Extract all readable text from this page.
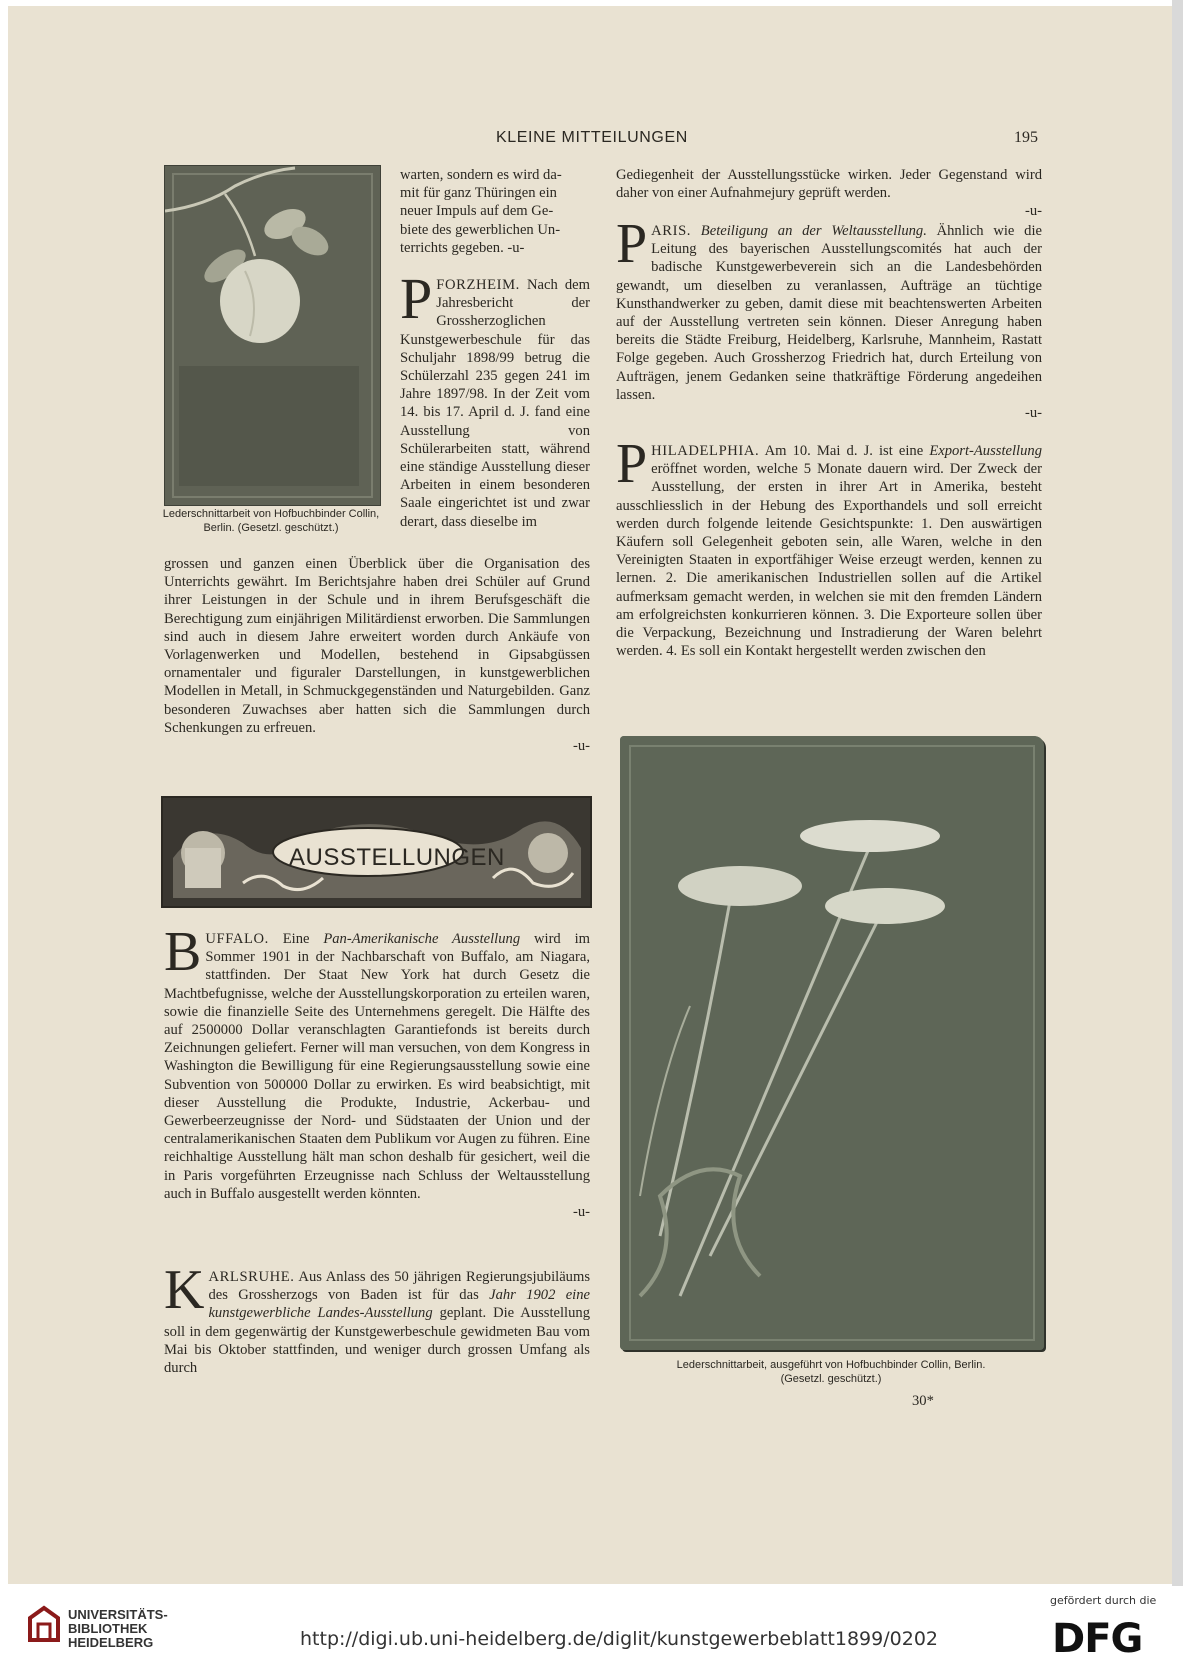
KLEINE MITTEILUNGEN	195
Lederschnittarbeit von Hofbuchbinder Collin, Berlin. (Gesetzl. geschützt.)
warten, sondern es wird da-
mit für ganz Thüringen ein
neuer Impuls auf dem Ge-
biete des gewerblichen Un-
terrichts gegeben. -u-
P FORZHEIM. Nach dem Jahresbericht der Grossherzoglichen Kunstgewerbeschule für das Schuljahr 1898/99 betrug die Schülerzahl 235 gegen 241 im Jahre 1897/98. In der Zeit vom 14. bis 17. April d. J. fand eine Ausstellung von Schülerarbeiten statt, während eine ständige Ausstellung dieser Arbeiten in einem besonderen Saale eingerichtet ist und zwar derart, dass dieselbe im
grossen und ganzen einen Überblick über die Organisation des Unterrichts gewährt. Im Berichtsjahre haben drei Schüler auf Grund ihrer Leistungen in der Schule und in ihrem Berufsgeschäft die Berechtigung zum einjährigen Militärdienst erworben. Die Sammlungen sind auch in diesem Jahre erweitert worden durch Ankäufe von Vorlagenwerken und Modellen, bestehend in Gipsabgüssen ornamentaler und figuraler Darstellungen, in kunstgewerblichen Modellen in Metall, in Schmuckgegenständen und Naturgebilden. Ganz besonderen Zuwachses aber hatten sich die Sammlungen durch Schenkungen zu erfreuen.
-u-
AUSSTELLUNGEN
B UFFALO. Eine Pan-Amerikanische Ausstellung wird im Sommer 1901 in der Nachbarschaft von Buffalo, am Niagara, stattfinden. Der Staat New York hat durch Gesetz die Machtbefugnisse, welche der Ausstellungskorporation zu erteilen waren, sowie die finanzielle Seite des Unternehmens geregelt. Die Hälfte des auf 2500000 Dollar veranschlagten Garantiefonds ist bereits durch Zeichnungen geliefert. Ferner will man versuchen, von dem Kongress in Washington die Bewilligung für eine Regierungsausstellung sowie eine Subvention von 500000 Dollar zu erwirken. Es wird beabsichtigt, mit dieser Ausstellung die Produkte, Industrie, Ackerbau- und Gewerbeerzeugnisse der Nord- und Südstaaten der Union und der centralamerikanischen Staaten dem Publikum vor Augen zu führen. Eine reichhaltige Ausstellung hält man schon deshalb für gesichert, weil die in Paris vorgeführten Erzeugnisse nach Schluss der Weltausstellung auch in Buffalo ausgestellt werden könnten.
-u-
K ARLSRUHE. Aus Anlass des 50 jährigen Regierungsjubiläums des Grossherzogs von Baden ist für das Jahr 1902 eine kunstgewerbliche Landes-Ausstellung geplant. Die Ausstellung soll in dem gegenwärtig der Kunstgewerbeschule gewidmeten Bau vom Mai bis Oktober stattfinden, und weniger durch grossen Umfang als durch
Gediegenheit der Ausstellungsstücke wirken. Jeder Gegenstand wird daher von einer Aufnahmejury geprüft werden.
-u-
P ARIS. Beteiligung an der Weltausstellung. Ähnlich wie die Leitung des bayerischen Ausstellungscomités hat auch der badische Kunstgewerbeverein sich an die Landesbehörden gewandt, um dieselben zu veranlassen, Aufträge an tüchtige Kunsthandwerker zu geben, damit diese mit beachtenswerten Arbeiten auf der Ausstellung vertreten sein können. Dieser Anregung haben bereits die Städte Freiburg, Heidelberg, Karlsruhe, Mannheim, Rastatt Folge gegeben. Auch Grossherzog Friedrich hat, durch Erteilung von Aufträgen, jenem Gedanken seine thatkräftige Förderung angedeihen lassen.
-u-
P HILADELPHIA. Am 10. Mai d. J. ist eine Export-Ausstellung eröffnet worden, welche 5 Monate dauern wird. Der Zweck der Ausstellung, der ersten in ihrer Art in Amerika, besteht ausschliesslich in der Hebung des Exporthandels und soll erreicht werden durch folgende leitende Gesichtspunkte: 1. Den auswärtigen Käufern soll Gelegenheit geboten sein, alle Waren, welche in den Vereinigten Staaten in exportfähiger Weise erzeugt werden, kennen zu lernen. 2. Die amerikanischen Industriellen sollen auf die Artikel aufmerksam gemacht werden, in welchen sie mit den fremden Ländern am erfolgreichsten konkurrieren können. 3. Die Exporteure sollen über die Verpackung, Bezeichnung und Instradierung der Waren belehrt werden. 4. Es soll ein Kontakt hergestellt werden zwischen den
Lederschnittarbeit, ausgeführt von Hofbuchbinder Collin, Berlin.
(Gesetzl. geschützt.)
30*
UNIVERSITÄTS-
BIBLIOTHEK
HEIDELBERG	http://digi.ub.uni-heidelberg.de/diglit/kunstgewerbeblatt1899/0202
gefördert durch die
DFG
